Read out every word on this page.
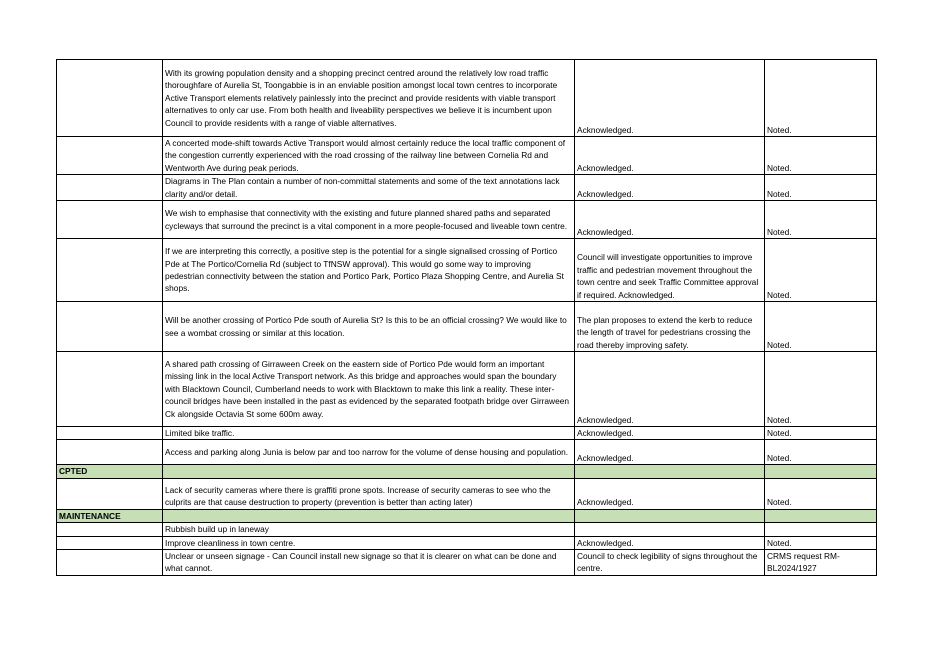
	With its growing population density and a shopping precinct centred around the relatively low road traffic thoroughfare of Aurelia St, Toongabbie is in an enviable position amongst local town centres to incorporate Active Transport elements relatively painlessly into the precinct and provide residents with viable transport alternatives to only car use. From both health and liveability perspectives we believe it is incumbent upon Council to provide residents with a range of viable alternatives.	Acknowledged.	Noted.
	A concerted mode-shift towards Active Transport would almost certainly reduce the local traffic component of the congestion currently experienced with the road crossing of the railway line between Cornelia Rd and Wentworth Ave during peak periods.	Acknowledged.	Noted.
	Diagrams in The Plan contain a number of non-committal statements and some of the text annotations lack clarity and/or detail.	Acknowledged.	Noted.
	We wish to emphasise that connectivity with the existing and future planned shared paths and separated cycleways that surround the precinct is a vital component in a more people-focused and liveable town centre.	Acknowledged.	Noted.
	If we are interpreting this correctly, a positive step is the potential for a single signalised crossing of Portico Pde at The Portico/Cornelia Rd (subject to TfNSW approval). This would go some way to improving pedestrian connectivity between the station and Portico Park, Portico Plaza Shopping Centre, and Aurelia St shops.	Council will investigate opportunities to improve traffic and pedestrian movement throughout the town centre and seek Traffic Committee approval if required. Acknowledged.	Noted.
	Will be another crossing of Portico Pde south of Aurelia St? Is this to be an official crossing? We would like to see a wombat crossing or similar at this location.	The plan proposes to extend the kerb to reduce the length of travel for pedestrians crossing the road thereby improving safety.	Noted.
	A shared path crossing of Girraween Creek on the eastern side of Portico Pde would form an important missing link in the local Active Transport network. As this bridge and approaches would span the boundary with Blacktown Council, Cumberland needs to work with Blacktown to make this link a reality. These inter-council bridges have been installed in the past as evidenced by the separated footpath bridge over Girraween Ck alongside Octavia St some 600m away.	Acknowledged.	Noted.
	Limited bike traffic.	Acknowledged.	Noted.
	Access and parking along Junia is below par and too narrow for the volume of dense housing and population.	Acknowledged.	Noted.
CPTED			
	Lack of security cameras where there is graffiti prone spots. Increase of security cameras to see who the culprits are that cause destruction to property (prevention is better than acting later)	Acknowledged.	Noted.
MAINTENANCE			
	Rubbish build up in laneway		
	Improve cleanliness in town centre.	Acknowledged.	Noted.
	Unclear or unseen signage - Can Council install new signage so that it is clearer on what can be done and what cannot.	Council to check legibility of signs throughout the centre.	CRMS request RM-BL2024/1927
